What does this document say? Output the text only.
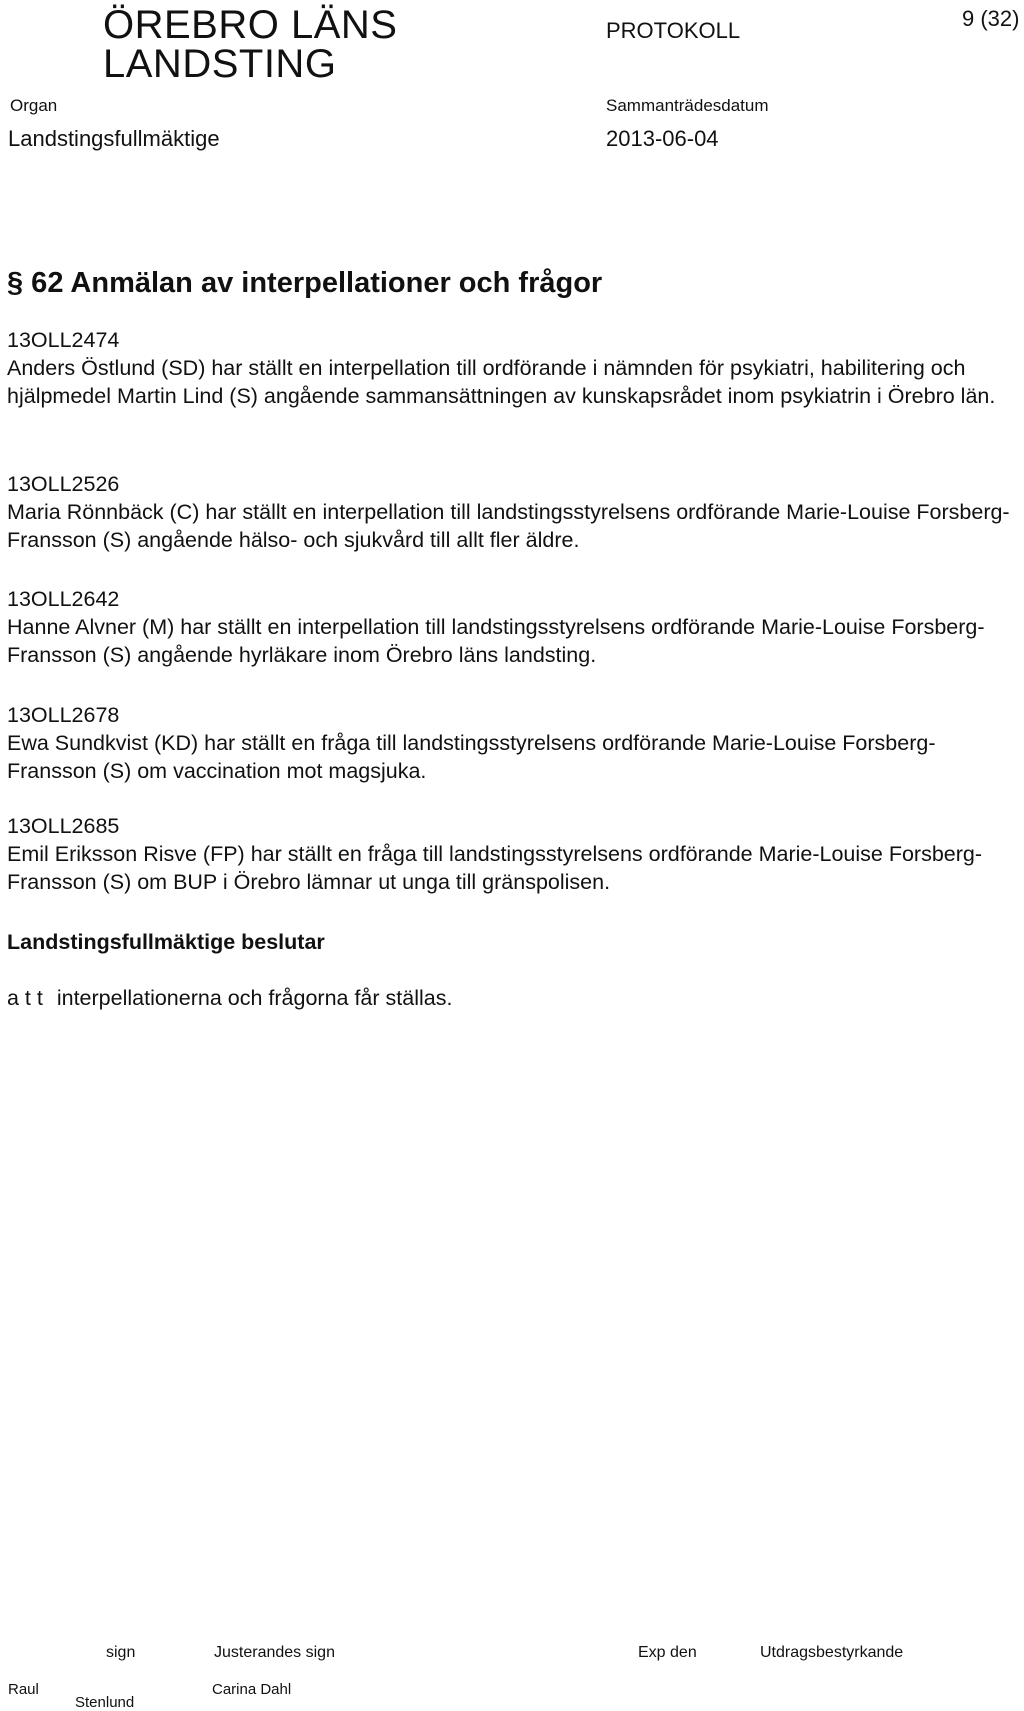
ÖREBRO LÄNS
LANDSTING
PROTOKOLL	9 (32)
Organ
Landstingsfullmäktige
Sammanträdesdatum
2013-06-04
§ 62 Anmälan av interpellationer och frågor
13OLL2474
Anders Östlund (SD) har ställt en interpellation till ordförande i nämnden för psykiatri, habilitering och hjälpmedel Martin Lind (S) angående sammansättningen av kunskapsrådet inom psykiatrin i Örebro län.
13OLL2526
Maria Rönnbäck (C) har ställt en interpellation till landstingsstyrelsens ordförande Marie-Louise Forsberg-Fransson (S) angående hälso- och sjukvård till allt fler äldre.
13OLL2642
Hanne Alvner (M) har ställt en interpellation till landstingsstyrelsens ordförande Marie-Louise Forsberg-Fransson (S) angående hyrläkare inom Örebro läns landsting.
13OLL2678
Ewa Sundkvist (KD) har ställt en fråga till landstingsstyrelsens ordförande Marie-Louise Forsberg-Fransson (S) om vaccination mot magsjuka.
13OLL2685
Emil Eriksson Risve (FP) har ställt en fråga till landstingsstyrelsens ordförande Marie-Louise Forsberg-Fransson (S) om BUP i Örebro lämnar ut unga till gränspolisen.
Landstingsfullmäktige beslutar
a t t interpellationerna och frågorna får ställas.
sign	Justerandes sign	Exp den	Utdragsbestyrkande
Raul
Stenlund
Carina Dahl
